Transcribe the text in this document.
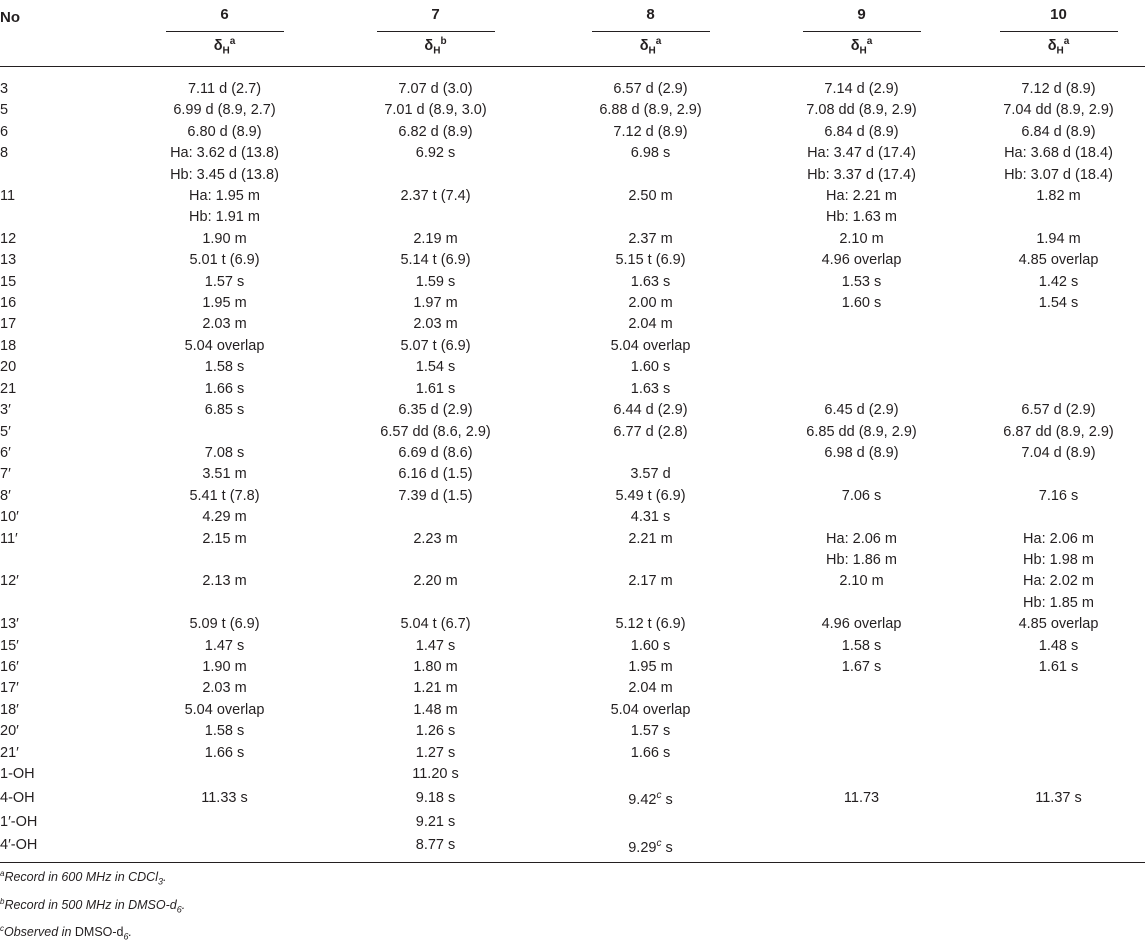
No	6	7	8	9	10
	$\delta_H^a$	$\delta_H^b$	$\delta_H^a$	$\delta_H^a$	$\delta_H^a$

3	7.11 d (2.7)	7.07 d (3.0)	6.57 d (2.9)	7.14 d (2.9)	7.12 d (8.9)
5	6.99 d (8.9, 2.7)	7.01 d (8.9, 3.0)	6.88 d (8.9, 2.9)	7.08 dd (8.9, 2.9)	7.04 dd (8.9, 2.9)
6	6.80 d (8.9)	6.82 d (8.9)	7.12 d (8.9)	6.84 d (8.9)	6.84 d (8.9)
8	Ha: 3.62 d (13.8)	6.92 s	6.98 s	Ha: 3.47 d (17.4)	Ha: 3.68 d (18.4)
	Hb: 3.45 d (13.8)			Hb: 3.37 d (17.4)	Hb: 3.07 d (18.4)
11	Ha: 1.95 m	2.37 t (7.4)	2.50 m	Ha: 2.21 m	1.82 m
	Hb: 1.91 m			Hb: 1.63 m	
12	1.90 m	2.19 m	2.37 m	2.10 m	1.94 m
13	5.01 t (6.9)	5.14 t (6.9)	5.15 t (6.9)	4.96 overlap	4.85 overlap
15	1.57 s	1.59 s	1.63 s	1.53 s	1.42 s
16	1.95 m	1.97 m	2.00 m	1.60 s	1.54 s
17	2.03 m	2.03 m	2.04 m		
18	5.04 overlap	5.07 t (6.9)	5.04 overlap		
20	1.58 s	1.54 s	1.60 s		
21	1.66 s	1.61 s	1.63 s		
3′	6.85 s	6.35 d (2.9)	6.44 d (2.9)	6.45 d (2.9)	6.57 d (2.9)
5′		6.57 dd (8.6, 2.9)	6.77 d (2.8)	6.85 dd (8.9, 2.9)	6.87 dd (8.9, 2.9)
6′	7.08 s	6.69 d (8.6)		6.98 d (8.9)	7.04 d (8.9)
7′	3.51 m	6.16 d (1.5)	3.57 d		
8′	5.41 t (7.8)	7.39 d (1.5)	5.49 t (6.9)	7.06 s	7.16 s
10′	4.29 m		4.31 s		
11′	2.15 m	2.23 m	2.21 m	Ha: 2.06 m	Ha: 2.06 m
				Hb: 1.86 m	Hb: 1.98 m
12′	2.13 m	2.20 m	2.17 m	2.10 m	Ha: 2.02 m
					Hb: 1.85 m
13′	5.09 t (6.9)	5.04 t (6.7)	5.12 t (6.9)	4.96 overlap	4.85 overlap
15′	1.47 s	1.47 s	1.60 s	1.58 s	1.48 s
16′	1.90 m	1.80 m	1.95 m	1.67 s	1.61 s
17′	2.03 m	1.21 m	2.04 m		
18′	5.04 overlap	1.48 m	5.04 overlap		
20′	1.58 s	1.26 s	1.57 s		
21′	1.66 s	1.27 s	1.66 s		
1-OH		11.20 s			
4-OH	11.33 s	9.18 s	9.42$^c$ s	11.73	11.37 s
1′-OH		9.21 s			
4′-OH		8.77 s	9.29$^c$ s		
$^a$Record in 600 MHz in CDCl$_3$.
$^b$Record in 500 MHz in DMSO-$d_6$.
$^c$Observed in DMSO-$d_6$.
